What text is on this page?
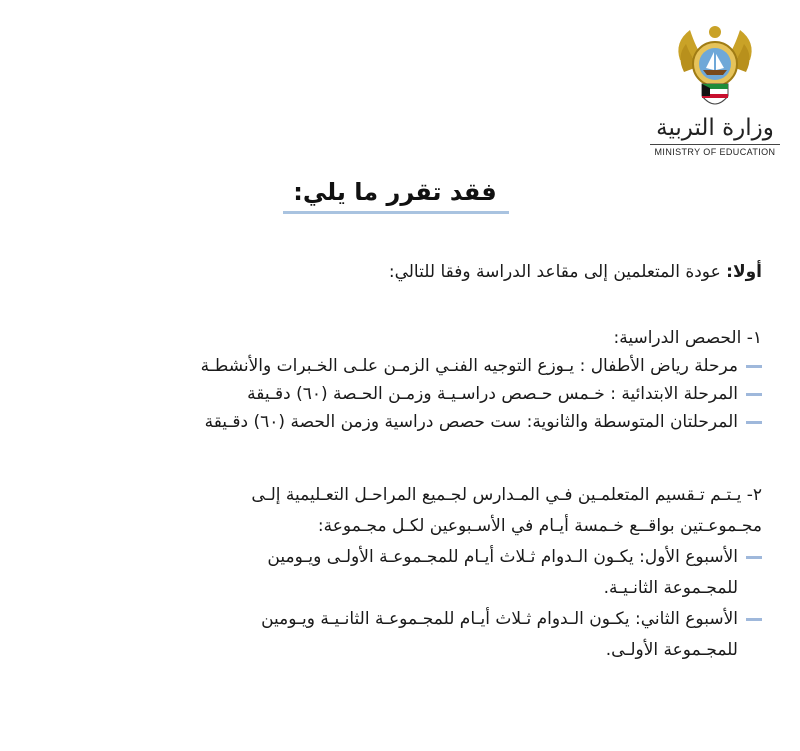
وزارة التربية
MINISTRY OF EDUCATION
فقد تقرر ما يلي:
أولا: عودة المتعلمين إلى مقاعد الدراسة وفقا للتالي:
١- الحصص الدراسية:
مرحلة رياض الأطفال : يـوزع التوجيه الفنـي الزمـن علـى الخـبرات والأنشطـة
المرحلة الابتدائية : خـمس حـصص دراسـيـة وزمـن الحـصة (٦٠) دقـيقة
المرحلتان المتوسطة والثانوية: ست حصص دراسية وزمن الحصة (٦٠) دقـيقة
٢- يـتـم تـقسيم المتعلمـين فـي المـدارس لجـميع المراحـل التعـليمية إلـى
مجـموعـتين بواقــع خـمسة أيـام في الأسـبوعين لكـل مجـموعة:
الأسبوع الأول: يكـون الـدوام ثـلاث أيـام للمجـموعـة الأولـى ويـومين
للمجـموعة الثانـيـة.
الأسبوع الثاني: يكـون الـدوام ثـلاث أيـام للمجـموعـة الثانـيـة ويـومين
للمجـموعة الأولـى.
